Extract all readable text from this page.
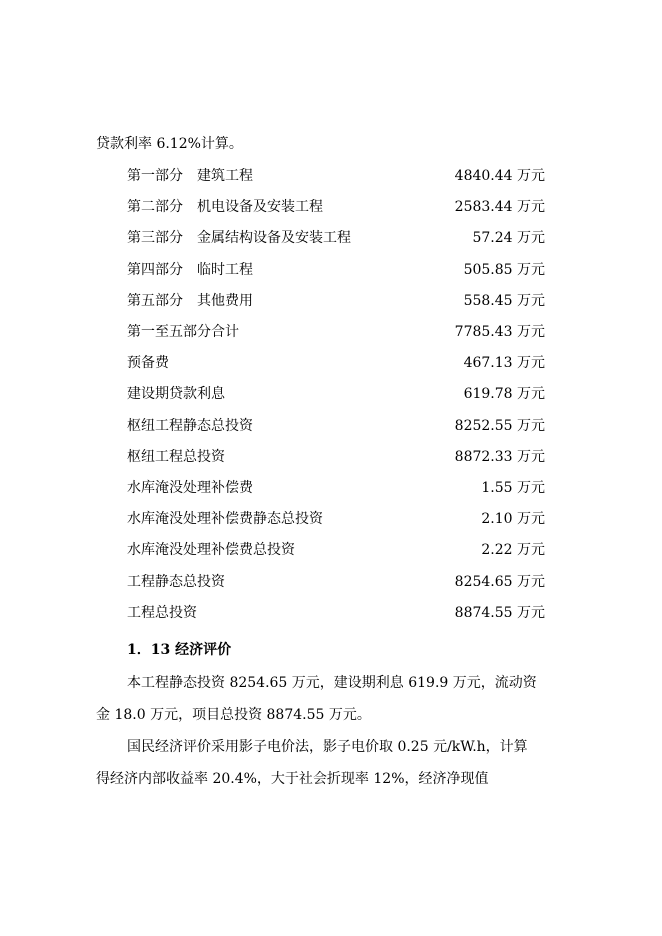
贷款利率 6.12%计算。
第一部分　建筑工程	4840.44 万元
第二部分　机电设备及安装工程	2583.44 万元
第三部分　金属结构设备及安装工程	57.24 万元
第四部分　临时工程	505.85 万元
第五部分　其他费用	558.45 万元
第一至五部分合计	7785.43 万元
预备费	467.13 万元
建设期贷款利息	619.78 万元
枢纽工程静态总投资	8252.55 万元
枢纽工程总投资	8872.33 万元
水库淹没处理补偿费	1.55 万元
水库淹没处理补偿费静态总投资	2.10 万元
水库淹没处理补偿费总投资	2.22 万元
工程静态总投资	8254.65 万元
工程总投资	8874.55 万元
1．13 经济评价
本工程静态投资 8254.65 万元，建设期利息 619.9 万元，流动资
金 18.0 万元，项目总投资 8874.55 万元。
国民经济评价采用影子电价法，影子电价取 0.25 元/kW.h，计算
得经济内部收益率 20.4%，大于社会折现率 12%，经济净现值
